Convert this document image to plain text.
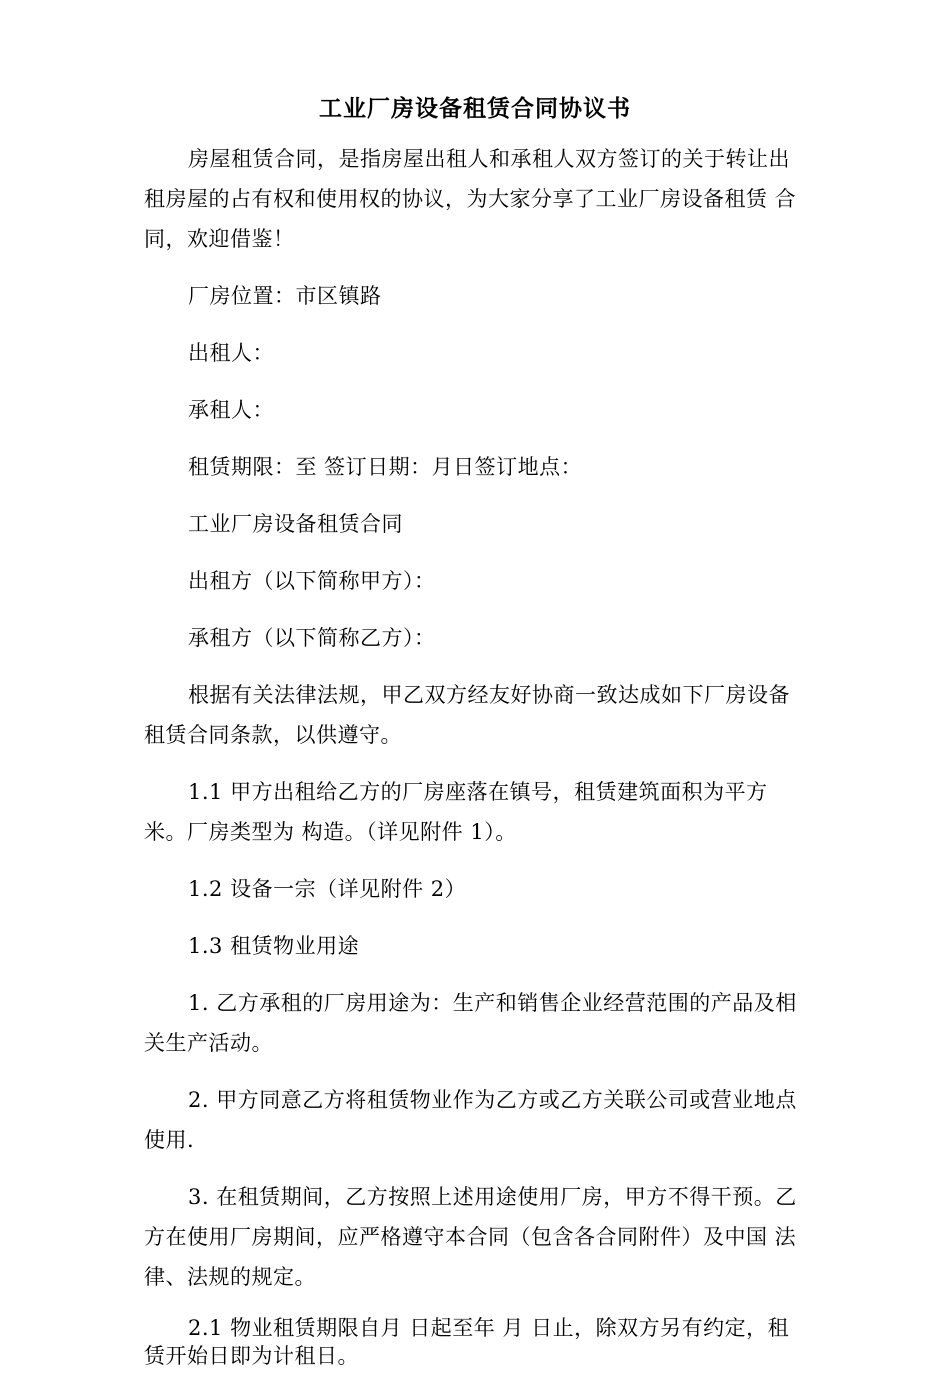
工业厂房设备租赁合同协议书

房屋租赁合同，是指房屋出租人和承租人双方签订的关于转让出租房屋的占有权和使用权的协议，为大家分享了工业厂房设备租赁 合同，欢迎借鉴！

厂房位置：市区镇路

出租人：

承租人：

租赁期限：至 签订日期：月日签订地点：

工业厂房设备租赁合同

出租方（以下简称甲方）：

承租方（以下简称乙方）：

根据有关法律法规，甲乙双方经友好协商一致达成如下厂房设备 租赁合同条款，以供遵守。

1.1 甲方出租给乙方的厂房座落在镇号，租赁建筑面积为平方米。厂房类型为 构造。（详见附件 1）。

1.2 设备一宗（详见附件 2）

1.3 租赁物业用途

1. 乙方承租的厂房用途为：生产和销售企业经营范围的产品及相关生产活动。

2. 甲方同意乙方将租赁物业作为乙方或乙方关联公司或营业地点使用.

3. 在租赁期间，乙方按照上述用途使用厂房，甲方不得干预。乙方在使用厂房期间，应严格遵守本合同（包含各合同附件）及中国 法律、法规的规定。

2.1 物业租赁期限自月 日起至年 月 日止，除双方另有约定，租赁开始日即为计租日。
